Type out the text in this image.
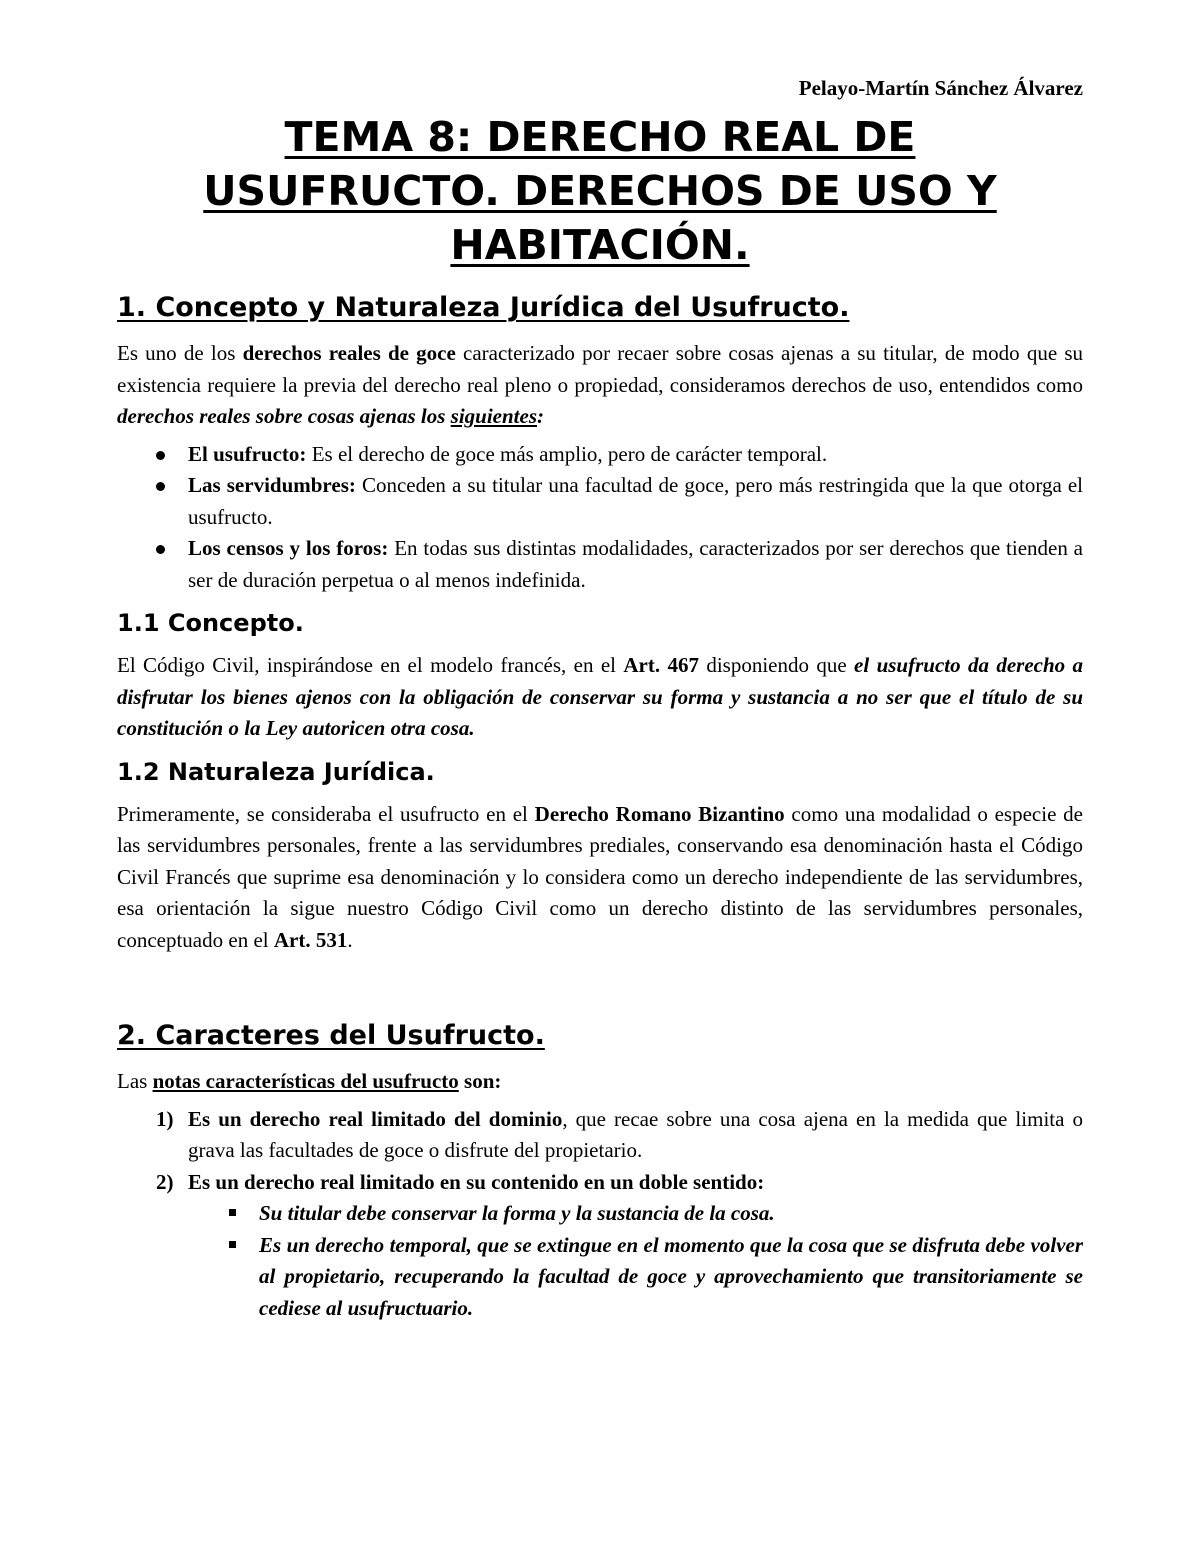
Pelayo-Martín Sánchez Álvarez
TEMA 8: DERECHO REAL DE USUFRUCTO. DERECHOS DE USO Y HABITACIÓN.
1. Concepto y Naturaleza Jurídica del Usufructo.

Es uno de los derechos reales de goce caracterizado por recaer sobre cosas ajenas a su titular, de modo que su existencia requiere la previa del derecho real pleno o propiedad, consideramos derechos de uso, entendidos como derechos reales sobre cosas ajenas los siguientes:

El usufructo: Es el derecho de goce más amplio, pero de carácter temporal.
Las servidumbres: Conceden a su titular una facultad de goce, pero más restringida que la que otorga el usufructo.
Los censos y los foros: En todas sus distintas modalidades, caracterizados por ser derechos que tienden a ser de duración perpetua o al menos indefinida.
1.1 Concepto.

El Código Civil, inspirándose en el modelo francés, en el Art. 467 disponiendo que el usufructo da derecho a disfrutar los bienes ajenos con la obligación de conservar su forma y sustancia a no ser que el título de su constitución o la Ley autoricen otra cosa.

1.2 Naturaleza Jurídica.

Primeramente, se consideraba el usufructo en el Derecho Romano Bizantino como una modalidad o especie de las servidumbres personales, frente a las servidumbres prediales, conservando esa denominación hasta el Código Civil Francés que suprime esa denominación y lo considera como un derecho independiente de las servidumbres, esa orientación la sigue nuestro Código Civil como un derecho distinto de las servidumbres personales, conceptuado en el Art. 531.

2. Caracteres del Usufructo.

Las notas características del usufructo son:

1) Es un derecho real limitado del dominio, que recae sobre una cosa ajena en la medida que limita o grava las facultades de goce o disfrute del propietario.
2) Es un derecho real limitado en su contenido en un doble sentido:
Su titular debe conservar la forma y la sustancia de la cosa.
Es un derecho temporal, que se extingue en el momento que la cosa que se disfruta debe volver al propietario, recuperando la facultad de goce y aprovechamiento que transitoriamente se cediese al usufructuario.
